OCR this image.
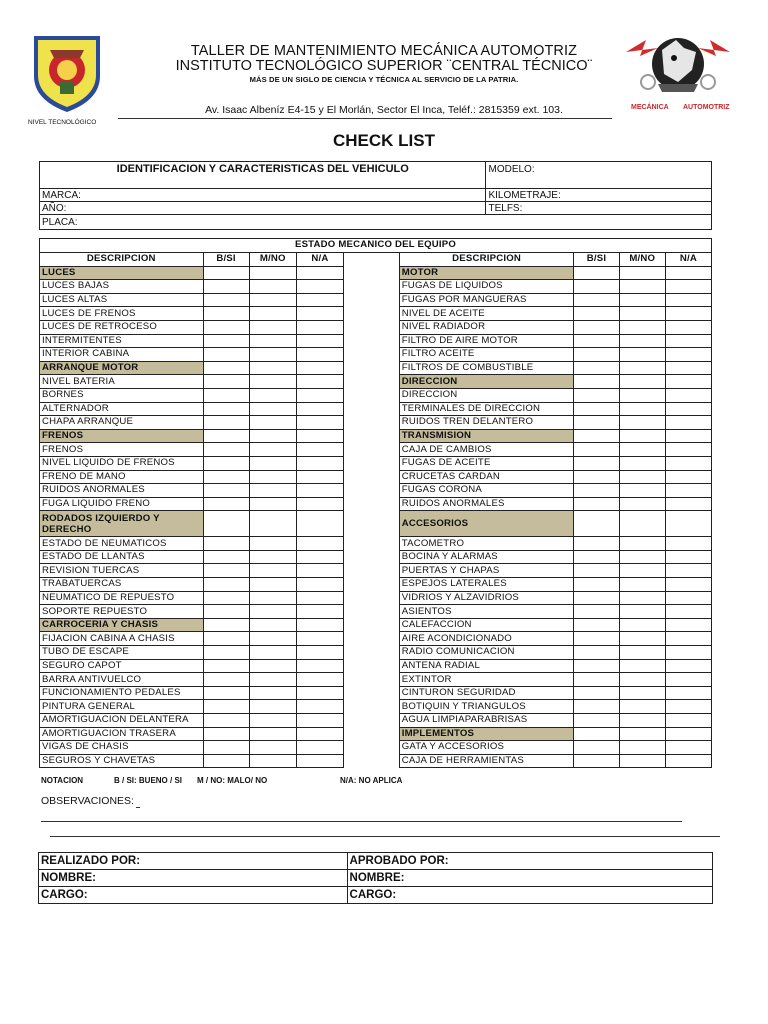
NIVEL TECNOLÓGICO
MECÁNICA AUTOMOTRIZ
TALLER DE MANTENIMIENTO MECÁNICA AUTOMOTRIZ
INSTITUTO TECNOLÓGICO SUPERIOR ¨CENTRAL TÉCNICO¨
MÁS DE UN SIGLO DE CIENCIA Y TÉCNICA AL SERVICIO DE LA PATRIA.
Av. Isaac Albeníz E4-15 y El Morlán, Sector El Inca, Teléf.: 2815359 ext. 103.
CHECK LIST
IDENTIFICACION Y CARACTERISTICAS DEL VEHICULO	MODELO:
MARCA:	KILOMETRAJE:
AÑO:	TELFS:
PLACA:	
ESTADO MECANICO DEL EQUIPO								
DESCRIPCION	B/SI	M/NO	N/A		DESCRIPCION	B/SI	M/NO	N/A
LUCES					MOTOR			
LUCES BAJAS					FUGAS DE LIQUIDOS			
LUCES ALTAS					FUGAS POR MANGUERAS			
LUCES DE FRENOS					NIVEL DE ACEITE			
LUCES DE RETROCESO					NIVEL RADIADOR			
INTERMITENTES					FILTRO DE AIRE MOTOR			
INTERIOR CABINA					FILTRO ACEITE			
ARRANQUE MOTOR					FILTROS DE COMBUSTIBLE			
NIVEL BATERIA					DIRECCION			
BORNES					DIRECCION			
ALTERNADOR					TERMINALES DE DIRECCION			
CHAPA ARRANQUE					RUIDOS TREN DELANTERO			
FRENOS					TRANSMISION			
FRENOS					CAJA DE CAMBIOS			
NIVEL LIQUIDO DE FRENOS					FUGAS DE ACEITE			
FRENO DE MANO					CRUCETAS CARDAN			
RUIDOS ANORMALES					FUGAS CORONA			
FUGA LIQUIDO FRENO					RUIDOS ANORMALES			
RODADOS IZQUIERDO Y DERECHO					ACCESORIOS			
ESTADO DE NEUMATICOS					TACOMETRO			
ESTADO DE LLANTAS					BOCINA Y ALARMAS			
REVISION TUERCAS					PUERTAS Y CHAPAS			
TRABATUERCAS					ESPEJOS LATERALES			
NEUMATICO DE REPUESTO					VIDRIOS Y ALZAVIDRIOS			
SOPORTE REPUESTO					ASIENTOS			
CARROCERIA Y CHASIS					CALEFACCION			
FIJACION CABINA A CHASIS					AIRE ACONDICIONADO			
TUBO DE ESCAPE					RADIO COMUNICACION			
SEGURO CAPOT					ANTENA RADIAL			
BARRA ANTIVUELCO					EXTINTOR			
FUNCIONAMIENTO PEDALES					CINTURON SEGURIDAD			
PINTURA GENERAL					BOTIQUIN Y TRIANGULOS			
AMORTIGUACION DELANTERA					AGUA LIMPIAPARABRISAS			
AMORTIGUACION TRASERA					IMPLEMENTOS			
VIGAS DE CHASIS					GATA Y ACCESORIOS			
SEGUROS Y CHAVETAS					CAJA DE HERRAMIENTAS			
NOTACION	B / SI: BUENO / SI M / NO: MALO/ NO	N/A: NO APLICA
OBSERVACIONES:
REALIZADO POR:	APROBADO POR:
NOMBRE:	NOMBRE:
CARGO:	CARGO:
